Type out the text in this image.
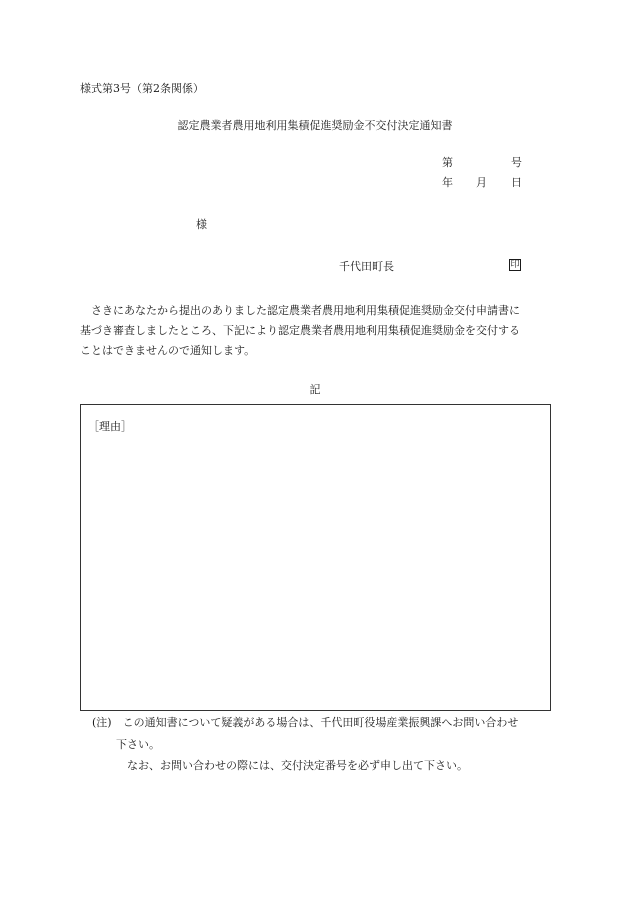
様式第3号（第2条関係）
認定農業者農用地利用集積促進奨励金不交付決定通知書
第	号
年 月 日
様
千代田町長	印
さきにあなたから提出のありました認定農業者農用地利用集積促進奨励金交付申請書に
基づき審査しましたところ、下記により認定農業者農用地利用集積促進奨励金を交付する
ことはできませんので通知します。
記
［理由］
(注)　この通知書について疑義がある場合は、千代田町役場産業振興課へお問い合わせ
下さい。
なお、お問い合わせの際には、交付決定番号を必ず申し出て下さい。
